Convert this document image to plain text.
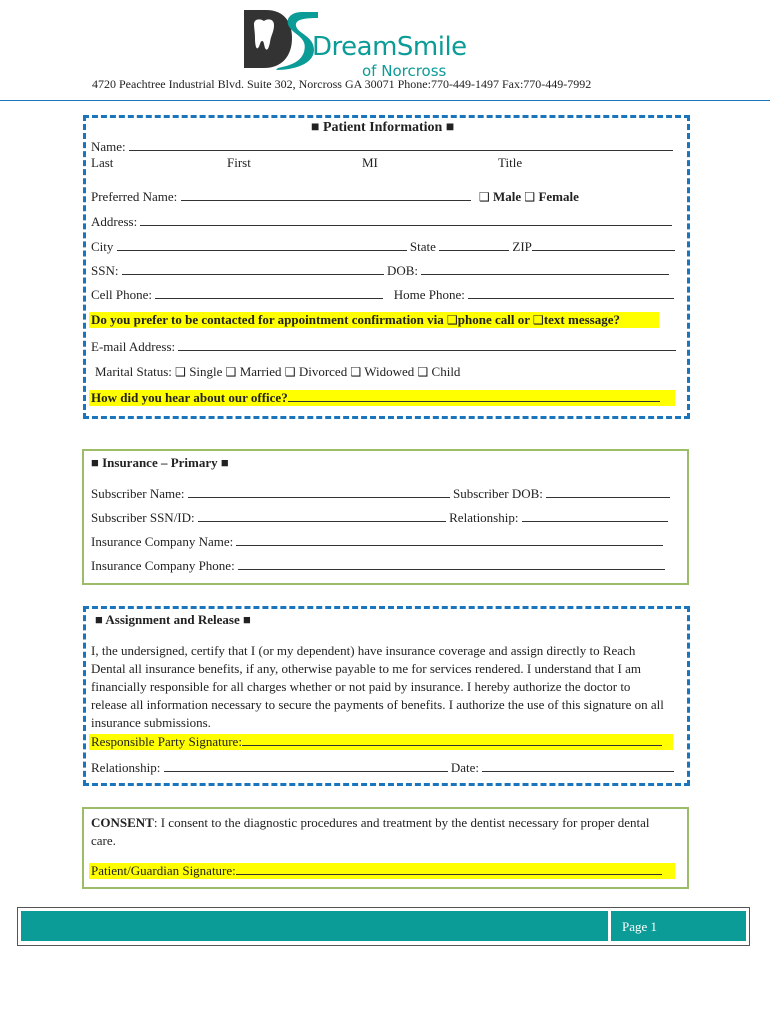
DreamSmile
of Norcross
4720 Peachtree Industrial Blvd. Suite 302, Norcross GA 30071 Phone:770-449-1497 Fax:770-449-7992
■ Patient Information ■
Name:
Last	First	MI	Title
Preferred Name:	❑ Male ❑ Female
Address:
City	State	ZIP
SSN:	DOB:
Cell Phone:	Home Phone:
Do you prefer to be contacted for appointment confirmation via ❑phone call or ❑text message?
E-mail Address:
Marital Status: ❑ Single ❑ Married ❑ Divorced ❑ Widowed ❑ Child
How did you hear about our office?
■ Insurance – Primary ■
Subscriber Name:	Subscriber DOB:
Subscriber SSN/ID:	Relationship:
Insurance Company Name:
Insurance Company Phone:
■ Assignment and Release ■
I, the undersigned, certify that I (or my dependent) have insurance coverage and assign directly to Reach
Dental all insurance benefits, if any, otherwise payable to me for services rendered. I understand that I am
financially responsible for all charges whether or not paid by insurance. I hereby authorize the doctor to
release all information necessary to secure the payments of benefits. I authorize the use of this signature on all
insurance submissions.
Responsible Party Signature:
Relationship:	Date:
CONSENT: I consent to the diagnostic procedures and treatment by the dentist necessary for proper dental
care.
Patient/Guardian Signature:
Page 1
